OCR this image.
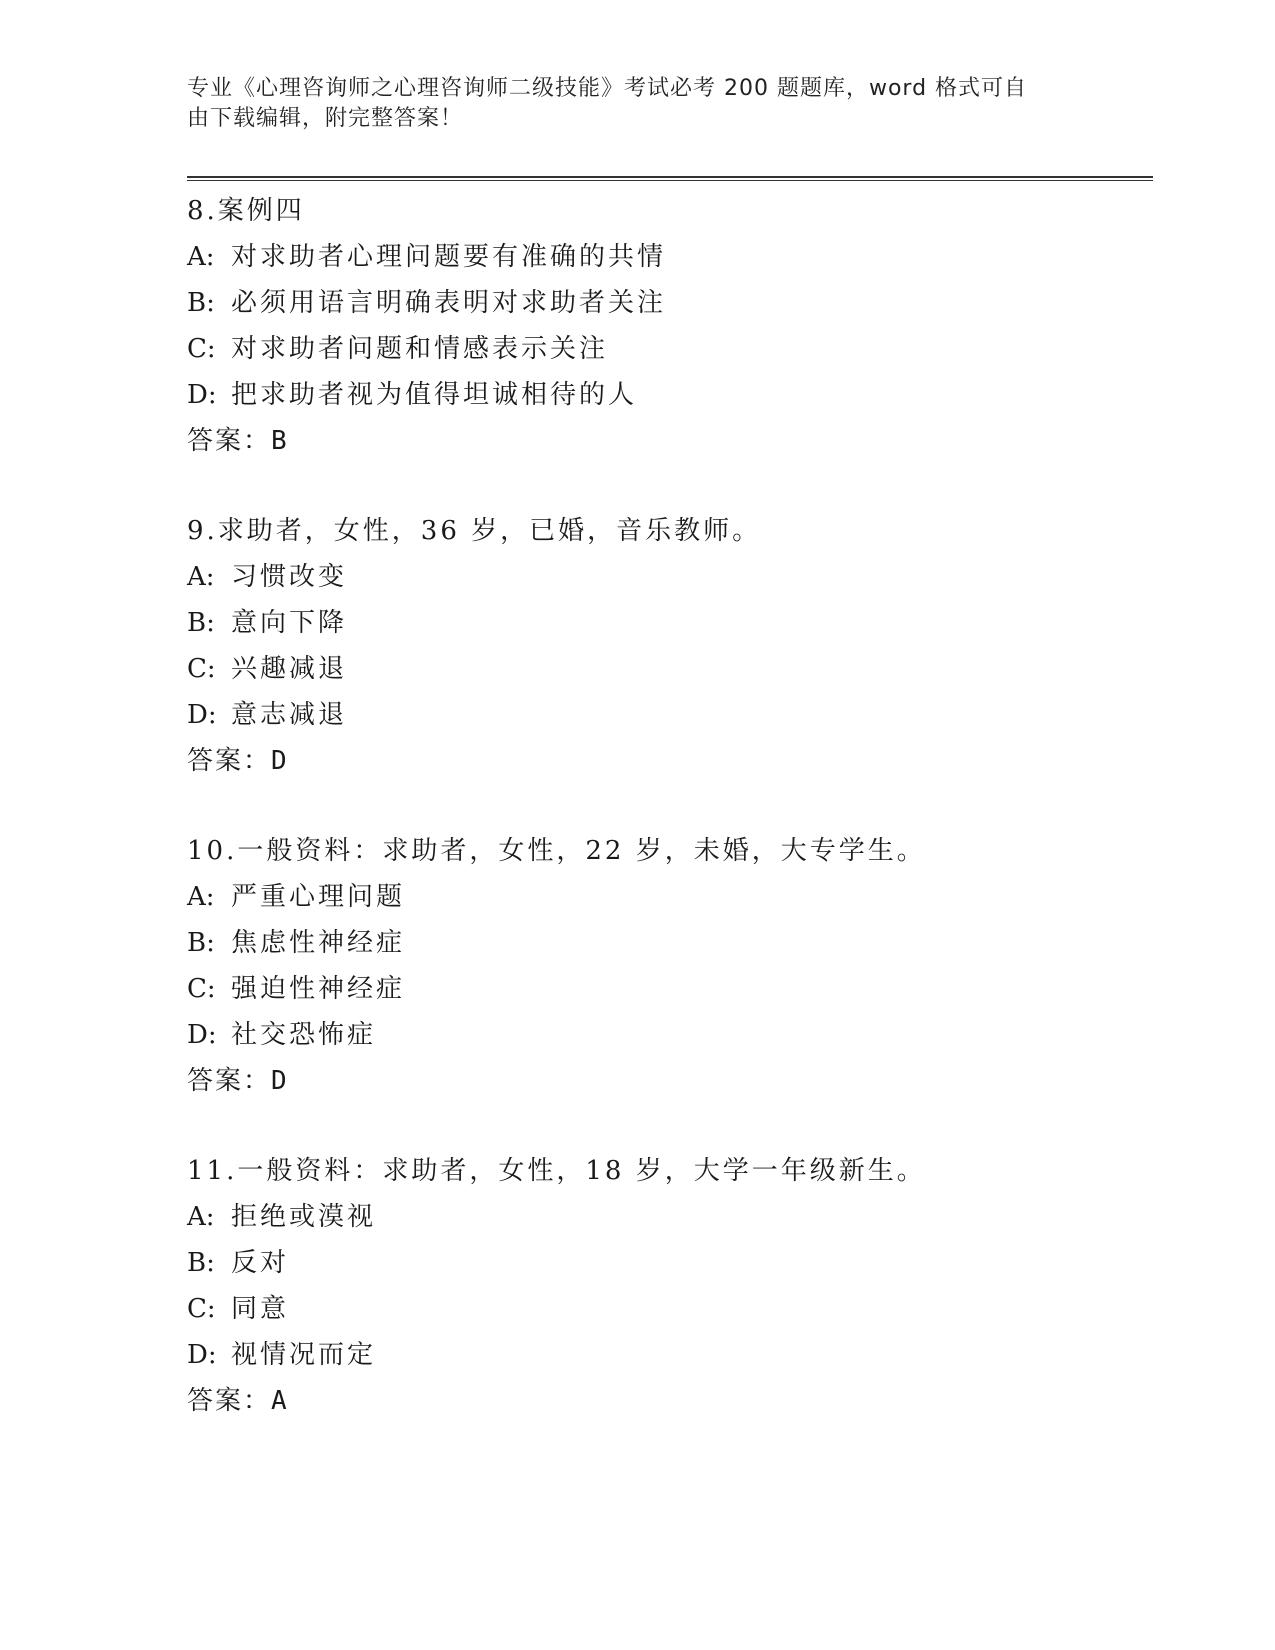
专业《心理咨询师之心理咨询师二级技能》考试必考 200 题题库，word 格式可自
由下载编辑，附完整答案！
8.案例四
A: 对求助者心理问题要有准确的共情
B: 必须用语言明确表明对求助者关注
C: 对求助者问题和情感表示关注
D: 把求助者视为值得坦诚相待的人
答案：B
9.求助者，女性，36 岁，已婚，音乐教师。
A: 习惯改变
B: 意向下降
C: 兴趣减退
D: 意志减退
答案：D
10.一般资料：求助者，女性，22 岁，未婚，大专学生。
A: 严重心理问题
B: 焦虑性神经症
C: 强迫性神经症
D: 社交恐怖症
答案：D
11.一般资料：求助者，女性，18 岁，大学一年级新生。
A: 拒绝或漠视
B: 反对
C: 同意
D: 视情况而定
答案：A
